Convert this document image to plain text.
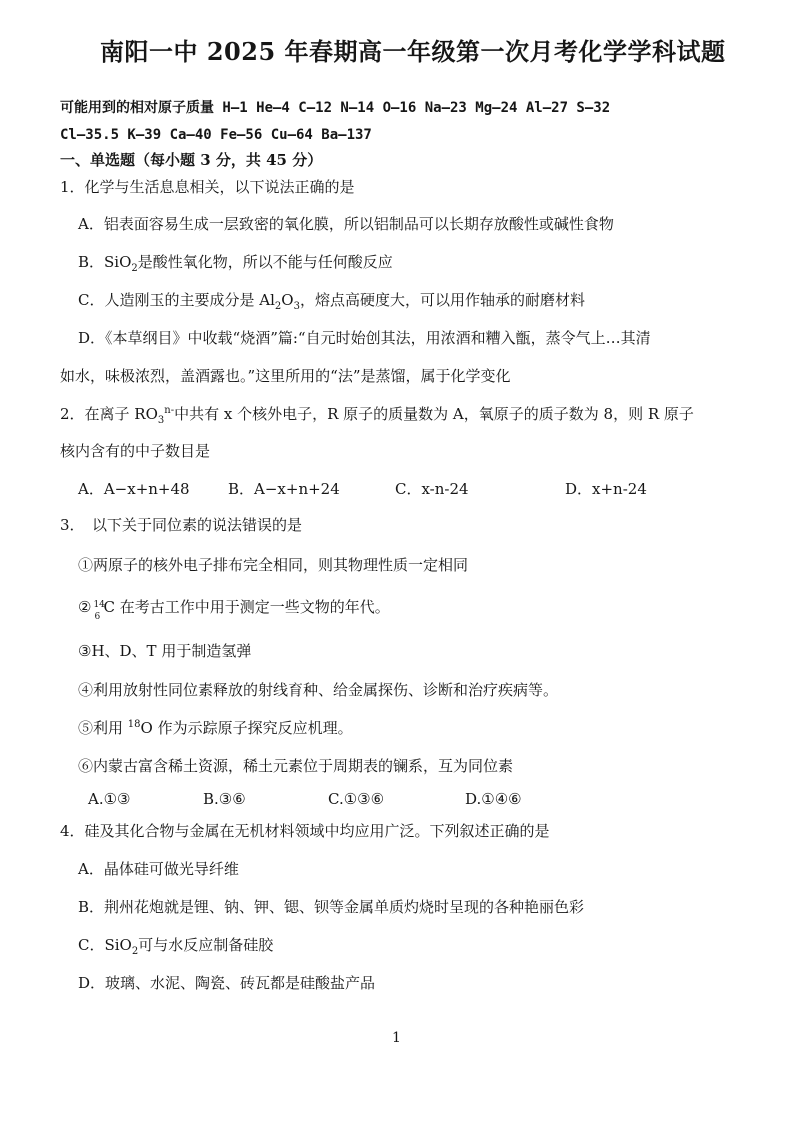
南阳一中 2025 年春期高一年级第一次月考化学学科试题
可能用到的相对原子质量 H—1 He—4 C—12 N—14 O—16 Na—23 Mg—24 Al—27 S—32
Cl—35.5 K—39 Ca—40 Fe—56 Cu—64 Ba—137
一、单选题（每小题 3 分，共 45 分）
1．化学与生活息息相关，以下说法正确的是
A．铝表面容易生成一层致密的氧化膜，所以铝制品可以长期存放酸性或碱性食物
B．SiO$_2$是酸性氧化物，所以不能与任何酸反应
C．人造刚玉的主要成分是 $Al_2O_3$，熔点高硬度大，可以用作轴承的耐磨材料
D．《本草纲目》中收载“烧酒”篇:“自元时始创其法，用浓酒和糟入甑，蒸令气上…其清
如水，味极浓烈，盖酒露也。”这里所用的“法”是蒸馏，属于化学变化
2．在离子 $RO_3^{n-}$中共有 x 个核外电子，R 原子的质量数为 A，氧原子的质子数为 8，则 R 原子
核内含有的中子数目是
A．A−x+n+48	B．A−x+n+24	C．x-n-24	D．x+n-24
3．　以下关于同位素的说法错误的是
①两原子的核外电子排布完全相同，则其物理性质一定相同
② 14
6
C 在考古工作中用于测定一些文物的年代。
③H、D、T 用于制造氢弹
④利用放射性同位素释放的射线育种、给金属探伤、诊断和治疗疾病等。
⑤利用 $^{18}$O 作为示踪原子探究反应机理。
⑥内蒙古富含稀土资源，稀土元素位于周期表的镧系，互为同位素
A.①③	B.③⑥	C.①③⑥	D.①④⑥
4．硅及其化合物与金属在无机材料领域中均应用广泛。下列叙述正确的是
A．晶体硅可做光导纤维
B．荆州花炮就是锂、钠、钾、锶、钡等金属单质灼烧时呈现的各种艳丽色彩
C．SiO$_2$可与水反应制备硅胶
D．玻璃、水泥、陶瓷、砖瓦都是硅酸盐产品
1
